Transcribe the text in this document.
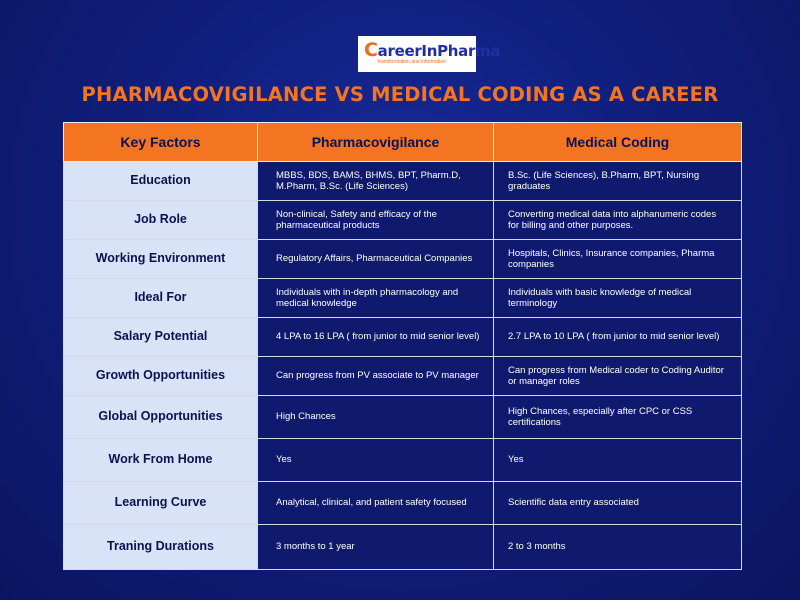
CareerInPharma
transformation and information
PHARMACOVIGILANCE VS MEDICAL CODING AS A CAREER
Key Factors	Pharmacovigilance	Medical Coding
Education	MBBS, BDS, BAMS, BHMS, BPT, Pharm.D, M.Pharm, B.Sc. (Life Sciences)	B.Sc. (Life Sciences), B.Pharm, BPT, Nursing graduates
Job Role	Non-clinical, Safety and efficacy of the pharmaceutical products	Converting medical data into alphanumeric codes for billing and other purposes.
Working Environment	Regulatory Affairs, Pharmaceutical Companies	Hospitals, Clinics, Insurance companies, Pharma companies
Ideal For	Individuals with in-depth pharmacology and medical knowledge	Individuals with basic knowledge of medical terminology
Salary Potential	4 LPA to 16 LPA ( from junior to mid senior level)	2.7 LPA to 10 LPA ( from junior to mid senior level)
Growth Opportunities	Can progress from PV associate to PV manager	Can progress from Medical coder to Coding Auditor or manager roles
Global Opportunities	High Chances	High Chances, especially after CPC or CSS certifications
Work From Home	Yes	Yes
Learning Curve	Analytical, clinical, and patient safety focused	Scientific data entry associated
Traning Durations	3 months to 1 year	2 to 3 months
